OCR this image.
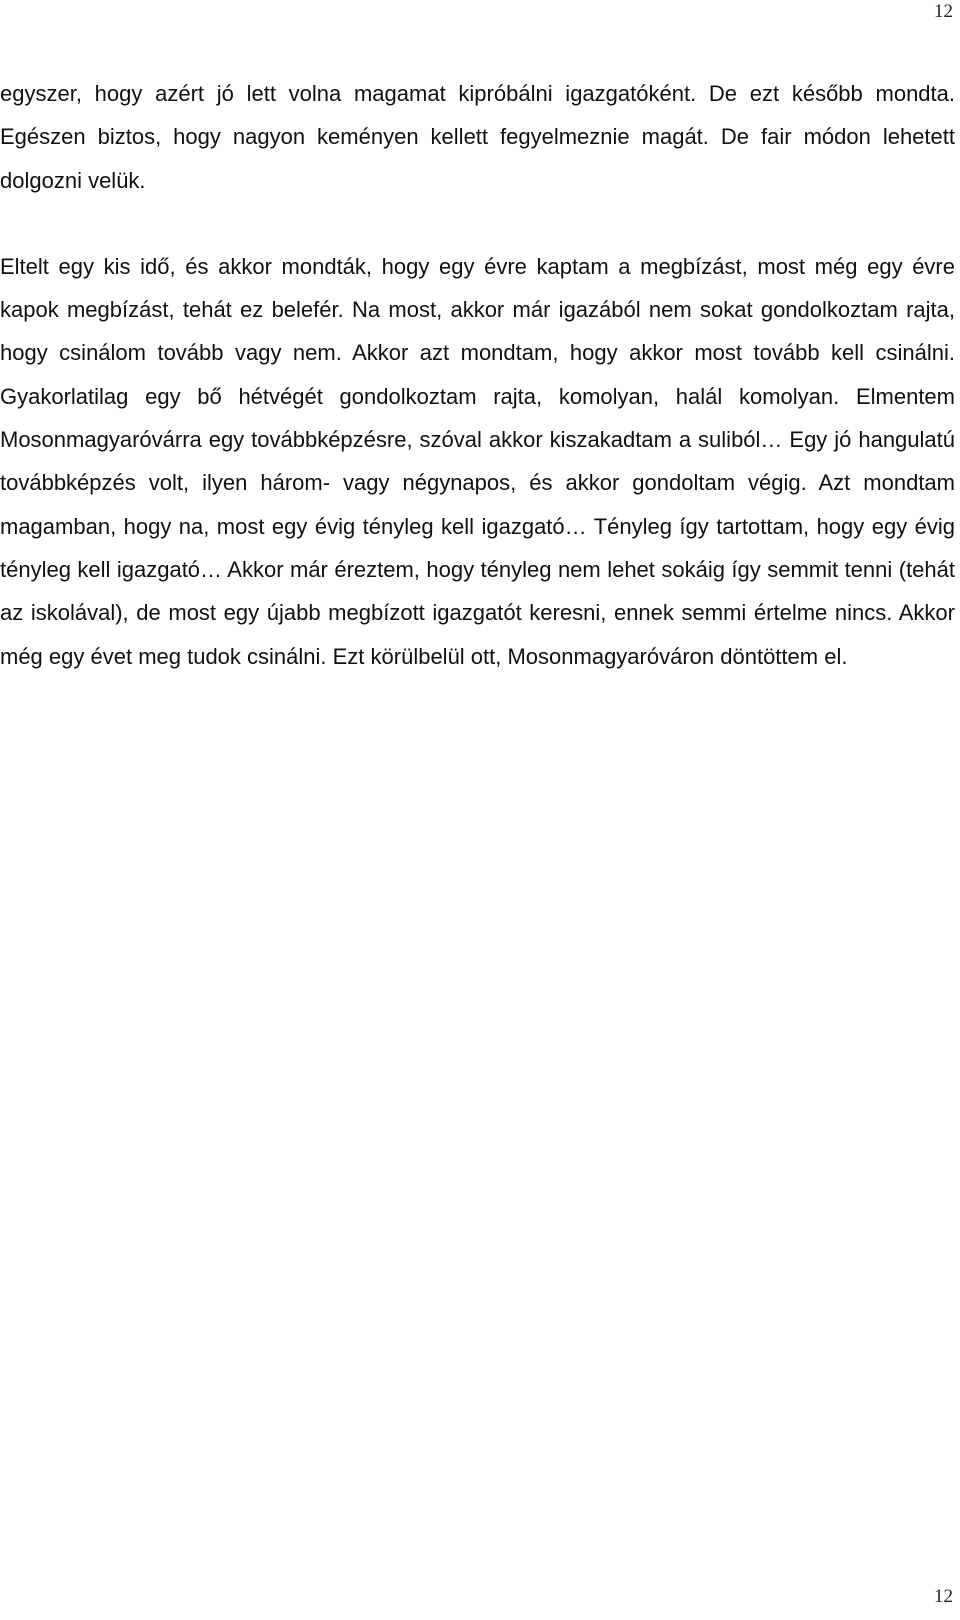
12

egyszer, hogy azért jó lett volna magamat kipróbálni igazgatóként. De ezt később mondta. Egészen biztos, hogy nagyon keményen kellett fegyelmeznie magát. De fair módon lehetett dolgozni velük.

Eltelt egy kis idő, és akkor mondták, hogy egy évre kaptam a megbízást, most még egy évre kapok megbízást, tehát ez belefér. Na most, akkor már igazából nem sokat gondolkoztam rajta, hogy csinálom tovább vagy nem. Akkor azt mondtam, hogy akkor most tovább kell csinálni. Gyakorlatilag egy bő hétvégét gondolkoztam rajta, komolyan, halál komolyan. Elmentem Mosonmagyaróvárra egy továbbképzésre, szóval akkor kiszakadtam a suliból… Egy jó hangulatú továbbképzés volt, ilyen három- vagy négynapos, és akkor gondoltam végig. Azt mondtam magamban, hogy na, most egy évig tényleg kell igazgató… Tényleg így tartottam, hogy egy évig tényleg kell igazgató… Akkor már éreztem, hogy tényleg nem lehet sokáig így semmit tenni (tehát az iskolával), de most egy újabb megbízott igazgatót keresni, ennek semmi értelme nincs. Akkor még egy évet meg tudok csinálni. Ezt körülbelül ott, Mosonmagyaróváron döntöttem el.

12
